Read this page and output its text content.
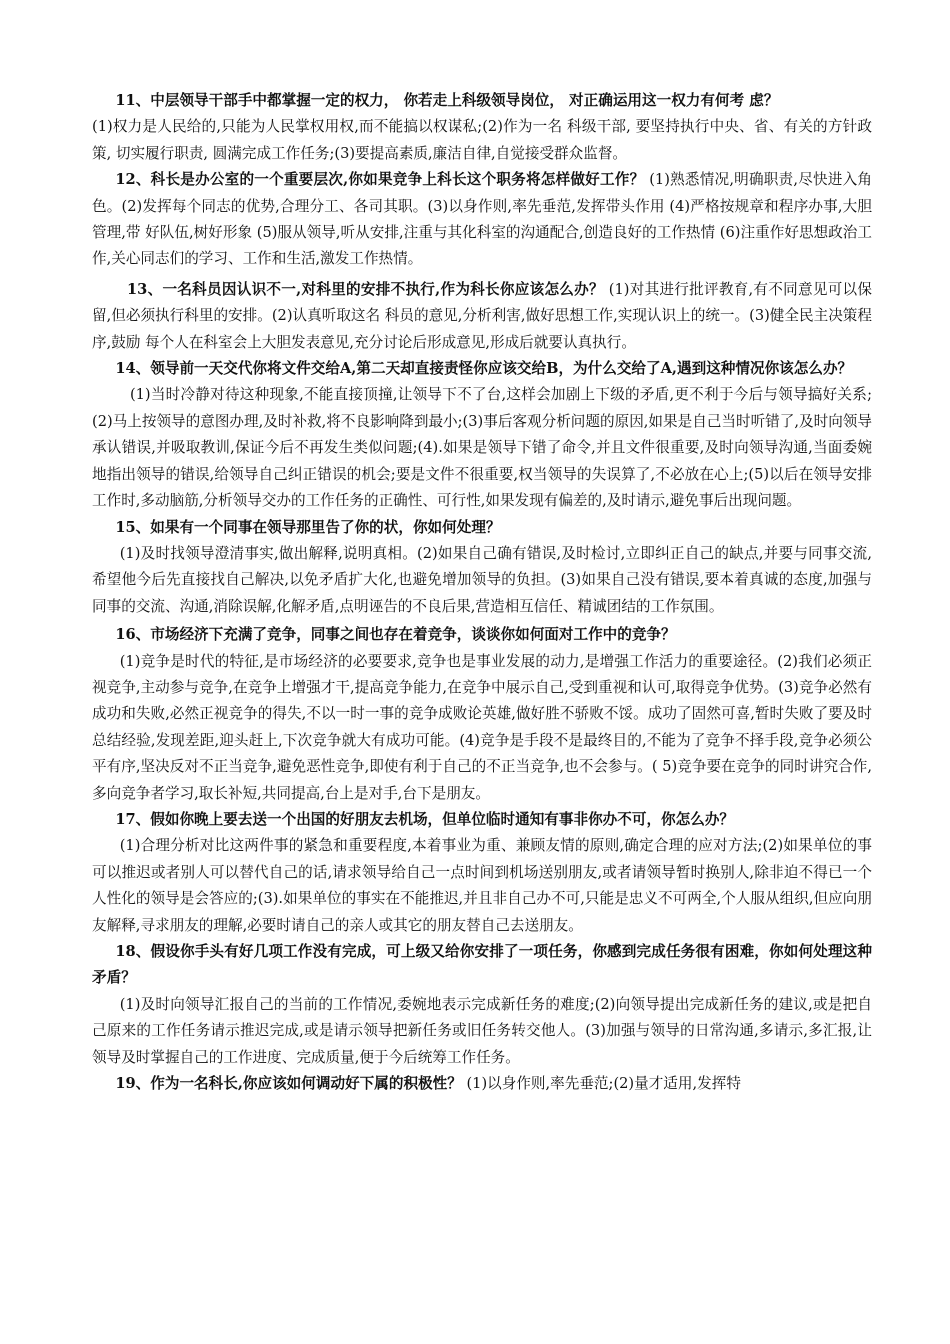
11、中层领导干部手中都掌握一定的权力， 你若走上科级领导岗位， 对正确运用这一权力有何考 虑？
(1)权力是人民给的,只能为人民掌权用权,而不能搞以权谋私;(2)作为一名 科级干部, 要坚持执行中央、省、有关的方针政策, 切实履行职责, 圆满完成工作任务;(3)要提高素质,廉洁自律,自觉接受群众监督。

12、科长是办公室的一个重要层次,你如果竞争上科长这个职务将怎样做好工作？ (1)熟悉情况,明确职责,尽快进入角色。(2)发挥每个同志的优势,合理分工、各司其职。(3)以身作则,率先垂范,发挥带头作用 (4)严格按规章和程序办事,大胆管理,带 好队伍,树好形象 (5)服从领导,听从安排,注重与其化科室的沟通配合,创造良好的工作热情 (6)注重作好思想政治工作,关心同志们的学习、工作和生活,激发工作热情。

13、一名科员因认识不一,对科里的安排不执行,作为科长你应该怎么办？ (1)对其进行批评教育,有不同意见可以保留,但必须执行科里的安排。(2)认真听取这名 科员的意见,分析利害,做好思想工作,实现认识上的统一。(3)健全民主决策程序,鼓励 每个人在科室会上大胆发表意见,充分讨论后形成意见,形成后就要认真执行。

14、领导前一天交代你将文件交给A,第二天却直接责怪你应该交给B，为什么交给了A,遇到这种情况你该怎么办？

(1)当时冷静对待这种现象,不能直接顶撞,让领导下不了台,这样会加剧上下级的矛盾,更不利于今后与领导搞好关系;(2)马上按领导的意图办理,及时补救,将不良影响降到最小;(3)事后客观分析问题的原因,如果是自己当时听错了,及时向领导承认错误,并吸取教训,保证今后不再发生类似问题;(4).如果是领导下错了命令,并且文件很重要,及时向领导沟通,当面委婉地指出领导的错误,给领导自己纠正错误的机会;要是文件不很重要,权当领导的失误算了,不必放在心上;(5)以后在领导安排工作时,多动脑筋,分析领导交办的工作任务的正确性、可行性,如果发现有偏差的,及时请示,避免事后出现问题。

15、如果有一个同事在领导那里告了你的状，你如何处理？

(1)及时找领导澄清事实,做出解释,说明真相。(2)如果自己确有错误,及时检讨,立即纠正自己的缺点,并要与同事交流,希望他今后先直接找自己解决,以免矛盾扩大化,也避免增加领导的负担。(3)如果自己没有错误,要本着真诚的态度,加强与同事的交流、沟通,消除误解,化解矛盾,点明诬告的不良后果,营造相互信任、精诚团结的工作氛围。

16、市场经济下充满了竞争，同事之间也存在着竞争，谈谈你如何面对工作中的竞争？

(1)竞争是时代的特征,是市场经济的必要要求,竞争也是事业发展的动力,是增强工作活力的重要途径。(2)我们必须正视竞争,主动参与竞争,在竞争上增强才干,提高竞争能力,在竞争中展示自己,受到重视和认可,取得竞争优势。(3)竞争必然有成功和失败,必然正视竞争的得失,不以一时一事的竞争成败论英雄,做好胜不骄败不馁。成功了固然可喜,暂时失败了要及时总结经验,发现差距,迎头赶上,下次竞争就大有成功可能。(4)竞争是手段不是最终目的,不能为了竞争不择手段,竞争必须公平有序,坚决反对不正当竞争,避免恶性竞争,即使有利于自己的不正当竞争,也不会参与。( 5)竞争要在竞争的同时讲究合作,多向竞争者学习,取长补短,共同提高,台上是对手,台下是朋友。

17、假如你晚上要去送一个出国的好朋友去机场，但单位临时通知有事非你办不可，你怎么办？

(1)合理分析对比这两件事的紧急和重要程度,本着事业为重、兼顾友情的原则,确定合理的应对方法;(2)如果单位的事可以推迟或者别人可以替代自己的话,请求领导给自己一点时间到机场送别朋友,或者请领导暂时换别人,除非迫不得已一个人性化的领导是会答应的;(3).如果单位的事实在不能推迟,并且非自己办不可,只能是忠义不可两全,个人服从组织,但应向朋友解释,寻求朋友的理解,必要时请自己的亲人或其它的朋友替自己去送朋友。

18、假设你手头有好几项工作没有完成，可上级又给你安排了一项任务，你感到完成任务很有困难，你如何处理这种矛盾？

(1)及时向领导汇报自己的当前的工作情况,委婉地表示完成新任务的难度;(2)向领导提出完成新任务的建议,或是把自己原来的工作任务请示推迟完成,或是请示领导把新任务或旧任务转交他人。(3)加强与领导的日常沟通,多请示,多汇报,让领导及时掌握自己的工作进度、完成质量,便于今后统筹工作任务。

19、作为一名科长,你应该如何调动好下属的积极性？ (1)以身作则,率先垂范;(2)量才适用,发挥特
